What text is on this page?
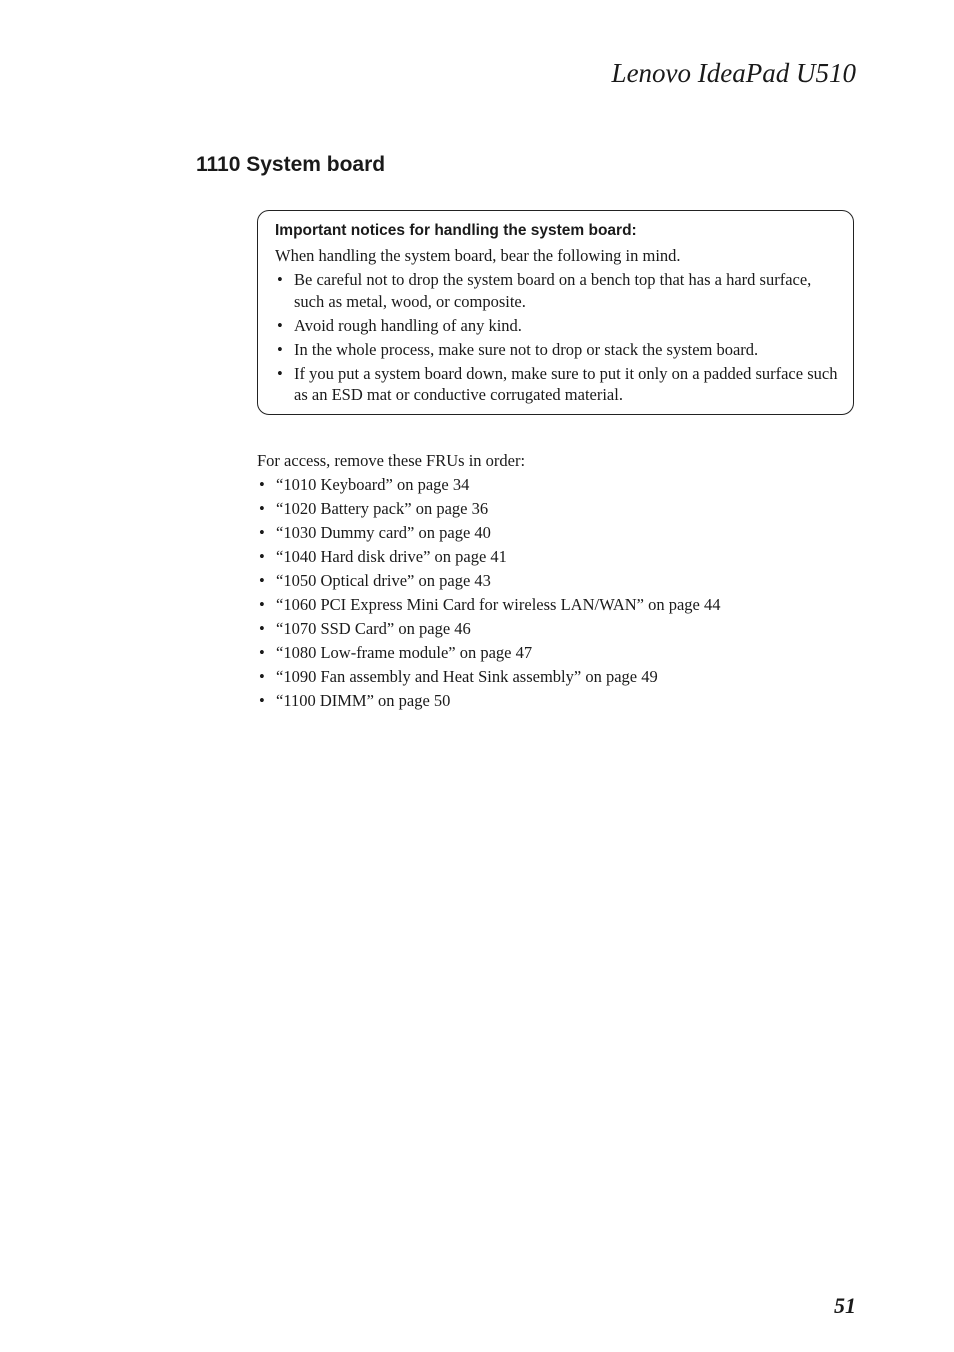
Lenovo IdeaPad U510
1110 System board
Important notices for handling the system board:
When handling the system board, bear the following in mind.
• Be careful not to drop the system board on a bench top that has a hard surface, such as metal, wood, or composite.
• Avoid rough handling of any kind.
• In the whole process, make sure not to drop or stack the system board.
• If you put a system board down, make sure to put it only on a padded surface such as an ESD mat or conductive corrugated material.
For access, remove these FRUs in order:
• “1010 Keyboard” on page 34
• “1020 Battery pack” on page 36
• “1030 Dummy card” on page 40
• “1040 Hard disk drive” on page 41
• “1050 Optical drive” on page 43
• “1060 PCI Express Mini Card for wireless LAN/WAN” on page 44
• “1070 SSD Card” on page 46
• “1080 Low-frame module” on page 47
• “1090 Fan assembly and Heat Sink assembly” on page 49
• “1100 DIMM” on page 50
51
